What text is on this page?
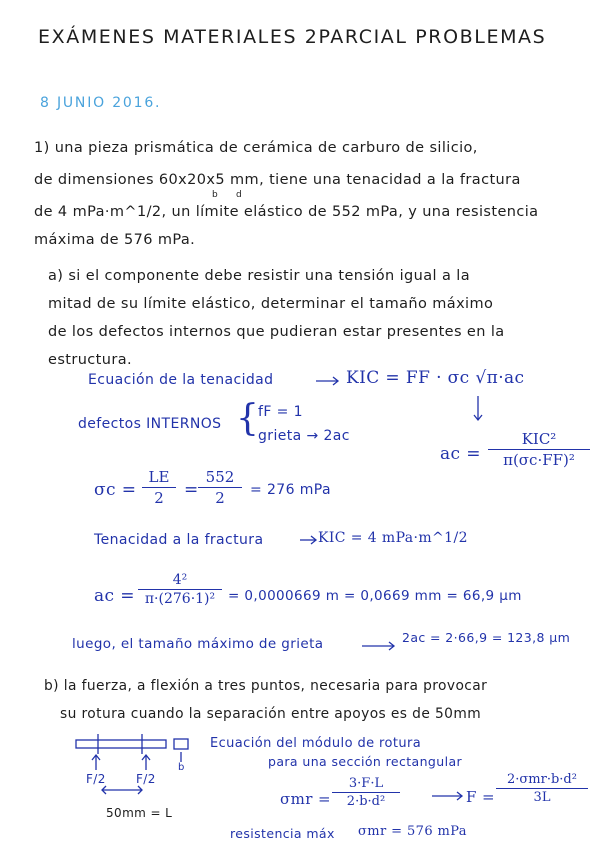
EXÁMENES MATERIALES 2PARCIAL PROBLEMAS
8 JUNIO 2016.
1) una pieza prismática de cerámica de carburo de silicio,
de dimensiones 60x20x5 mm, tiene una tenacidad a la fractura
b d
de 4 mPa·m^1/2, un límite elástico de 552 mPa, y una resistencia
máxima de 576 mPa.
a) si el componente debe resistir una tensión igual a la
mitad de su límite elástico, determinar el tamaño máximo
de los defectos internos que pudieran estar presentes en la
estructura.
Ecuación de la tenacidad	KIC = FF · σc √π·ac
defectos INTERNOS { fF = 1
grieta → 2ac
ac =
KIC²
π(σc·FF)²
σc =
LE
2	=
552
2	= 276 mPa
Tenacidad a la fractura	KIC = 4 mPa·m^1/2
ac =
4²
π·(276·1)² = 0,0000669 m = 0,0669 mm = 66,9 μm
luego, el tamaño máximo de grieta	2ac = 2·66,9 = 123,8 μm
b) la fuerza, a flexión a tres puntos, necesaria para provocar
su rotura cuando la separación entre apoyos es de 50mm
F/2	F/2
50mm = L
b
Ecuación del módulo de rotura
para una sección rectangular
σmr =
3·F·L
2·b·d²	F =
2·σmr·b·d²
3L
resistencia máx σmr = 576 mPa
